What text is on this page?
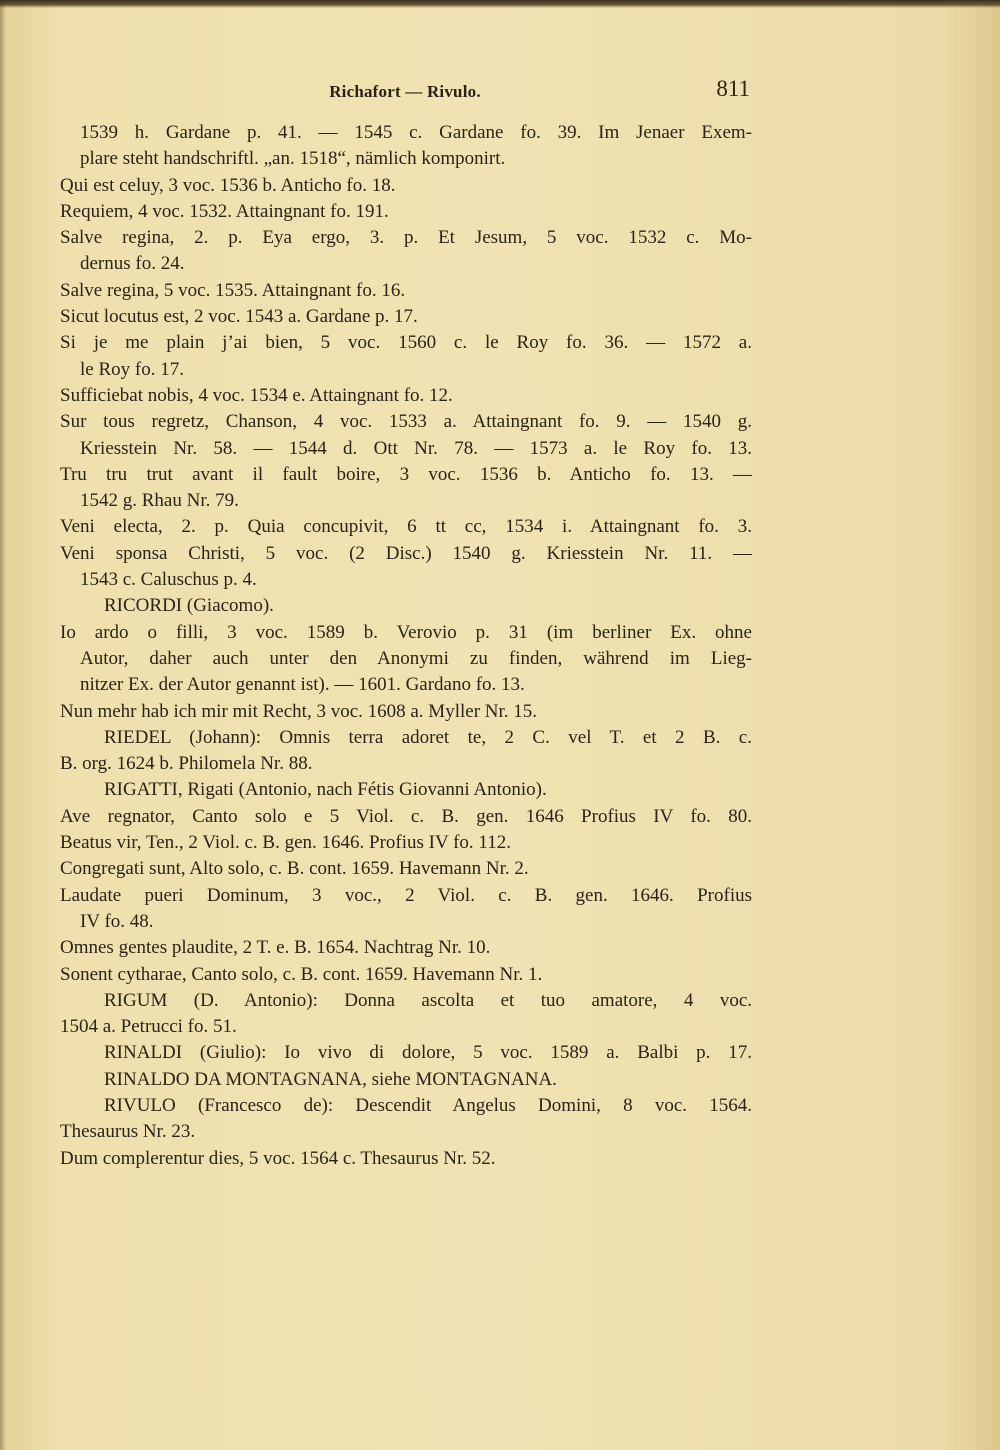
Richafort — Rivulo.	811
1539 h. Gardane p. 41. — 1545 c. Gardane fo. 39. Im Jenaer Exem-
plare steht handschriftl. „an. 1518“, nämlich komponirt.
Qui est celuy, 3 voc. 1536 b. Anticho fo. 18.
Requiem, 4 voc. 1532. Attaingnant fo. 191.
Salve regina, 2. p. Eya ergo, 3. p. Et Jesum, 5 voc. 1532 c. Mo-
dernus fo. 24.
Salve regina, 5 voc. 1535. Attaingnant fo. 16.
Sicut locutus est, 2 voc. 1543 a. Gardane p. 17.
Si je me plain j’ai bien, 5 voc. 1560 c. le Roy fo. 36. — 1572 a.
le Roy fo. 17.
Sufficiebat nobis, 4 voc. 1534 e. Attaingnant fo. 12.
Sur tous regretz, Chanson, 4 voc. 1533 a. Attaingnant fo. 9. — 1540 g.
Kriesstein Nr. 58. — 1544 d. Ott Nr. 78. — 1573 a. le Roy fo. 13.
Tru tru trut avant il fault boire, 3 voc. 1536 b. Anticho fo. 13. —
1542 g. Rhau Nr. 79.
Veni electa, 2. p. Quia concupivit, 6 tt cc, 1534 i. Attaingnant fo. 3.
Veni sponsa Christi, 5 voc. (2 Disc.) 1540 g. Kriesstein Nr. 11. —
1543 c. Caluschus p. 4.
RICORDI (Giacomo).
Io ardo o filli, 3 voc. 1589 b. Verovio p. 31 (im berliner Ex. ohne
Autor, daher auch unter den Anonymi zu finden, während im Lieg-
nitzer Ex. der Autor genannt ist). — 1601. Gardano fo. 13.
Nun mehr hab ich mir mit Recht, 3 voc. 1608 a. Myller Nr. 15.
RIEDEL (Johann): Omnis terra adoret te, 2 C. vel T. et 2 B. c.
B. org. 1624 b. Philomela Nr. 88.
RIGATTI, Rigati (Antonio, nach Fétis Giovanni Antonio).
Ave regnator, Canto solo e 5 Viol. c. B. gen. 1646 Profius IV fo. 80.
Beatus vir, Ten., 2 Viol. c. B. gen. 1646. Profius IV fo. 112.
Congregati sunt, Alto solo, c. B. cont. 1659. Havemann Nr. 2.
Laudate pueri Dominum, 3 voc., 2 Viol. c. B. gen. 1646. Profius
IV fo. 48.
Omnes gentes plaudite, 2 T. e. B. 1654. Nachtrag Nr. 10.
Sonent cytharae, Canto solo, c. B. cont. 1659. Havemann Nr. 1.
RIGUM (D. Antonio): Donna ascolta et tuo amatore, 4 voc.
1504 a. Petrucci fo. 51.
RINALDI (Giulio): Io vivo di dolore, 5 voc. 1589 a. Balbi p. 17.
RINALDO DA MONTAGNANA, siehe MONTAGNANA.
RIVULO (Francesco de): Descendit Angelus Domini, 8 voc. 1564.
Thesaurus Nr. 23.
Dum complerentur dies, 5 voc. 1564 c. Thesaurus Nr. 52.
